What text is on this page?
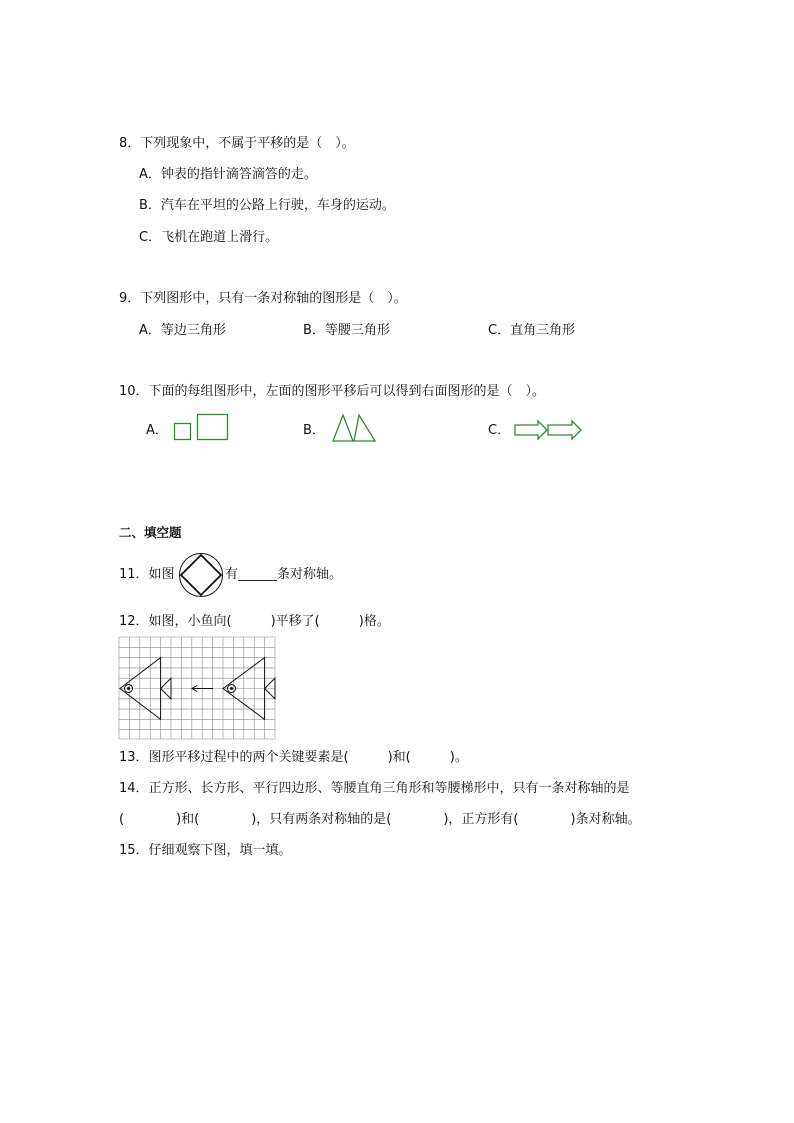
8．下列现象中，不属于平移的是（　）。
A．钟表的指针滴答滴答的走。
B．汽车在平坦的公路上行驶，车身的运动。
C．飞机在跑道上滑行。
9．下列图形中，只有一条对称轴的图形是（　）。
A．等边三角形	B．等腰三角形	C．直角三角形
10．下面的每组图形中，左面的图形平移后可以得到右面图形的是（　）。
A．	B．	C．
二、填空题
11．如图	有______条对称轴。
12．如图，小鱼向(　　　)平移了(　　　)格。
13．图形平移过程中的两个关键要素是(　　　)和(　　　)。
14．正方形、长方形、平行四边形、等腰直角三角形和等腰梯形中，只有一条对称轴的是
(　　　　)和(　　　　)，只有两条对称轴的是(　　　　)，正方形有(　　　　)条对称轴。
15．仔细观察下图，填一填。
